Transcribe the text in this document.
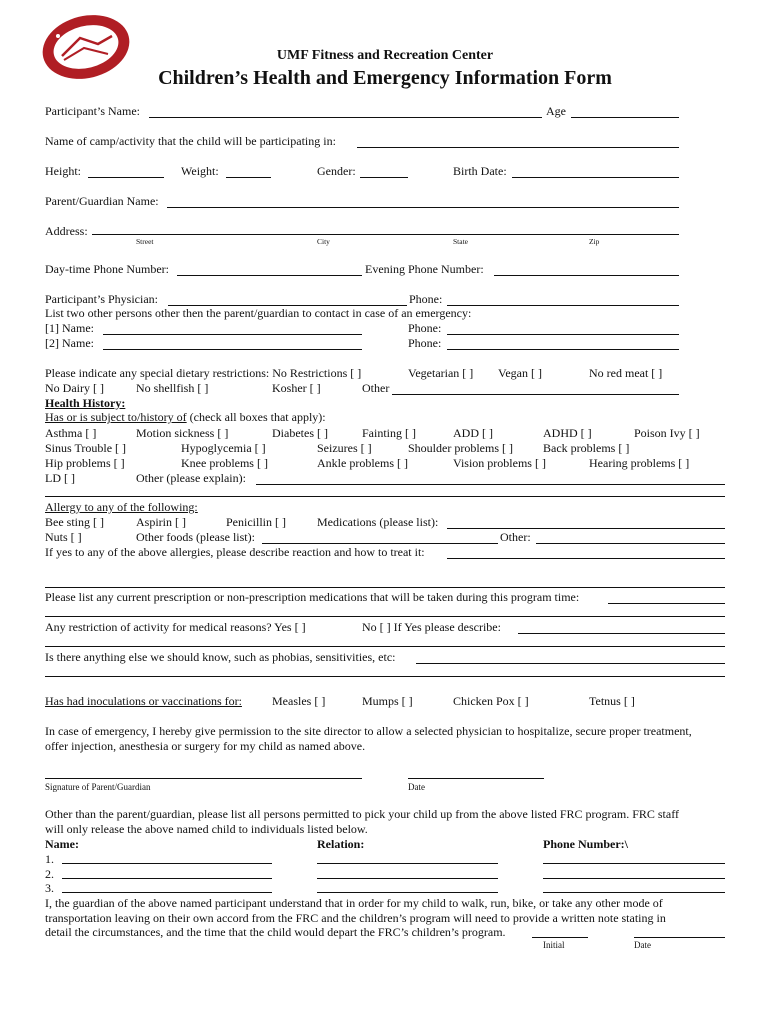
UMF Fitness and Recreation Center
Children’s Health and Emergency Information Form
Participant’s Name:	Age
Name of camp/activity that the child will be participating in:
Height:	Weight:	Gender:	Birth Date:
Parent/Guardian Name:
Address:
Street	City	State	Zip
Day-time Phone Number:	Evening Phone Number:
Participant’s Physician:	Phone:
List two other persons other then the parent/guardian to contact in case of an emergency:
[1] Name:	Phone:
[2] Name:	Phone:
Please indicate any special dietary restrictions: No Restrictions [ ]	Vegetarian [ ] Vegan [ ]	No red meat [ ]
No Dairy [ ]	No shellfish [ ]	Kosher [ ]	Other
Health History:
Has or is subject to/history of (check all boxes that apply):
Asthma [ ]	Motion sickness [ ]	Diabetes [ ]	Fainting [ ]	ADD [ ]	ADHD [ ]	Poison Ivy [ ]
Sinus Trouble [ ]	Hypoglycemia [ ]	Seizures [ ]	Shoulder problems [ ]	Back problems [ ]
Hip problems [ ]	Knee problems [ ]	Ankle problems [ ]	Vision problems [ ]	Hearing problems [ ]
LD [ ]	Other (please explain):
Allergy to any of the following:
Bee sting [ ]	Aspirin [ ]	Penicillin [ ]	Medications (please list):
Nuts [ ]	Other foods (please list):	Other:
If yes to any of the above allergies, please describe reaction and how to treat it:
Please list any current prescription or non-prescription medications that will be taken during this program time:
Any restriction of activity for medical reasons? Yes [ ]	No [ ] If Yes please describe:
Is there anything else we should know, such as phobias, sensitivities, etc:
Has had inoculations or vaccinations for:	Measles [ ]	Mumps [ ]	Chicken Pox [ ]	Tetnus [ ]
In case of emergency, I hereby give permission to the site director to allow a selected physician to hospitalize, secure proper treatment,
offer injection, anesthesia or surgery for my child as named above.
Signature of Parent/Guardian	Date
Other than the parent/guardian, please list all persons permitted to pick your child up from the above listed FRC program. FRC staff
will only release the above named child to individuals listed below.
Name:	Relation:	Phone Number:\
1.
2.
3.
I, the guardian of the above named participant understand that in order for my child to walk, run, bike, or take any other mode of
transportation leaving on their own accord from the FRC and the children’s program will need to provide a written note stating in
detail the circumstances, and the time that the child would depart the FRC’s children’s program.
Initial	Date
